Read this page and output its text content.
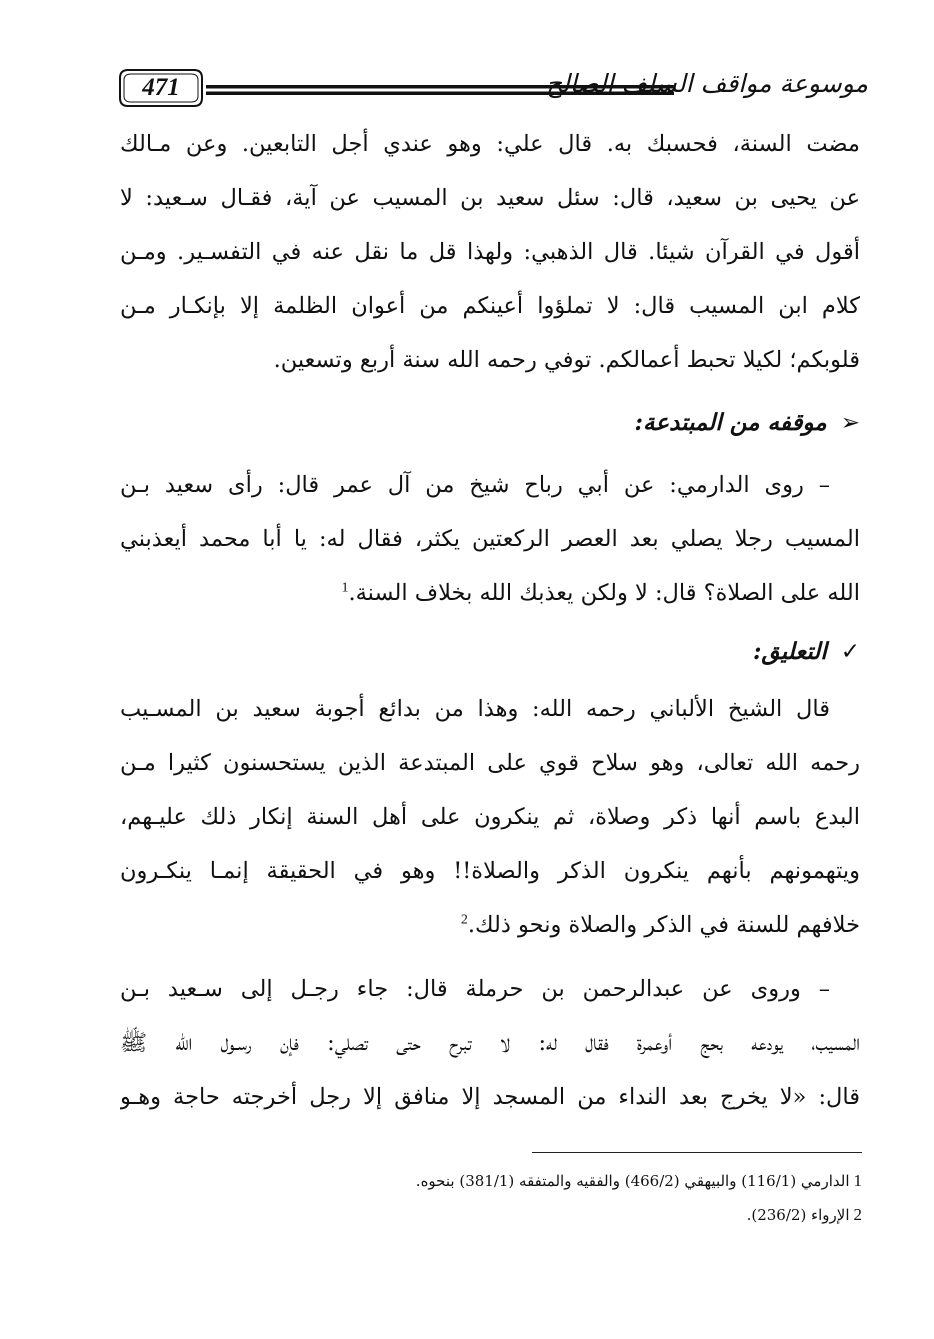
471	موسوعة مواقف السلف الصالح
مضت السنة، فحسبك به. قال علي: وهو عندي أجل التابعين. وعن مـالك
عن يحيى بن سعيد، قال: سئل سعيد بن المسيب عن آية، فقـال سـعيد: لا
أقول في القرآن شيئا. قال الذهبي: ولهذا قل ما نقل عنه في التفسـير. ومـن
كلام ابن المسيب قال: لا تملؤوا أعينكم من أعوان الظلمة إلا بإنكـار مـن
قلوبكم؛ لكيلا تحبط أعمالكم. توفي رحمه الله سنة أربع وتسعين.
➢موقفه من المبتدعة:
– روى الدارمي: عن أبي رباح شيخ من آل عمر قال: رأى سعيد بـن
المسيب رجلا يصلي بعد العصر الركعتين يكثر، فقال له: يا أبا محمد أيعذبني
الله على الصلاة؟ قال: لا ولكن يعذبك الله بخلاف السنة.$^1$
✓التعليق:
قال الشيخ الألباني رحمه الله: وهذا من بدائع أجوبة سعيد بن المسـيب
رحمه الله تعالى، وهو سلاح قوي على المبتدعة الذين يستحسنون كثيرا مـن
البدع باسم أنها ذكر وصلاة، ثم ينكرون على أهل السنة إنكار ذلك عليـهم،
ويتهمونهم بأنهم ينكرون الذكر والصلاة!! وهو في الحقيقة إنمـا ينكـرون
خلافهم للسنة في الذكر والصلاة ونحو ذلك.$^2$
– وروى عن عبدالرحمن بن حرملة قال: جاء رجـل إلى سـعيد بـن
المسيب، يودعه بحج أوعمرة فقال له: لا تبرح حتى تصلي: فإن رسـول الله ﷺ
قال: «لا يخرج بعد النداء من المسجد إلا منافق إلا رجل أخرجته حاجة وهـو
1الدارمي (116/1) والبيهقي (466/2) والفقيه والمتفقه (381/1) بنحوه.
2الإرواء (236/2).
